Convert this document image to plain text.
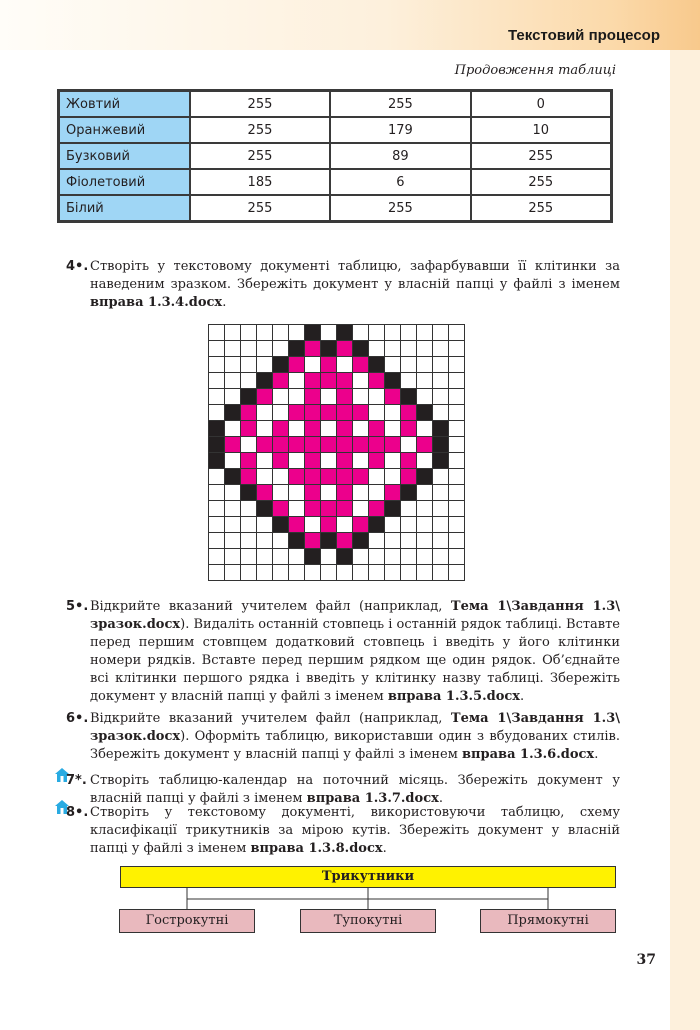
Текстовий процесор
Продовження таблиці
Жовтий	255	255	0
Оранжевий	255	179	10
Бузковий	255	89	255
Фіолетовий	185	6	255
Білий	255	255	255
4•. Створіть у текстовому документі таблицю, зафарбувавши її клітинки за наведеним зразком. Збережіть документ у власній папці у файлі з іменем вправа 1.3.4.docx.
5•. Відкрийте вказаний учителем файл (наприклад, Тема 1\Завдання 1.3\ зразок.docx). Видаліть останній стовпець і останній рядок таблиці. Вставте перед першим стовпцем додатковий стовпець і введіть у його клітинки номери рядків. Вставте перед першим рядком ще один рядок. Об’єднайте всі клітинки першого рядка і введіть у клітинку назву таблиці. Збережіть документ у власній папці у файлі з іменем вправа 1.3.5.docx.
6•. Відкрийте вказаний учителем файл (наприклад, Тема 1\Завдання 1.3\ зразок.docx). Оформіть таблицю, використавши один з вбудованих стилів. Збережіть документ у власній папці у файлі з іменем вправа 1.3.6.docx.
7*. Створіть таблицю-календар на поточний місяць. Збережіть документ у власній папці у файлі з іменем вправа 1.3.7.docx.
8•. Створіть у текстовому документі, використовуючи таблицю, схему класифікації трикутників за мірою кутів. Збережіть документ у власній папці у файлі з іменем вправа 1.3.8.docx.
Трикутники
Гострокутні	Тупокутні	Прямокутні
37
